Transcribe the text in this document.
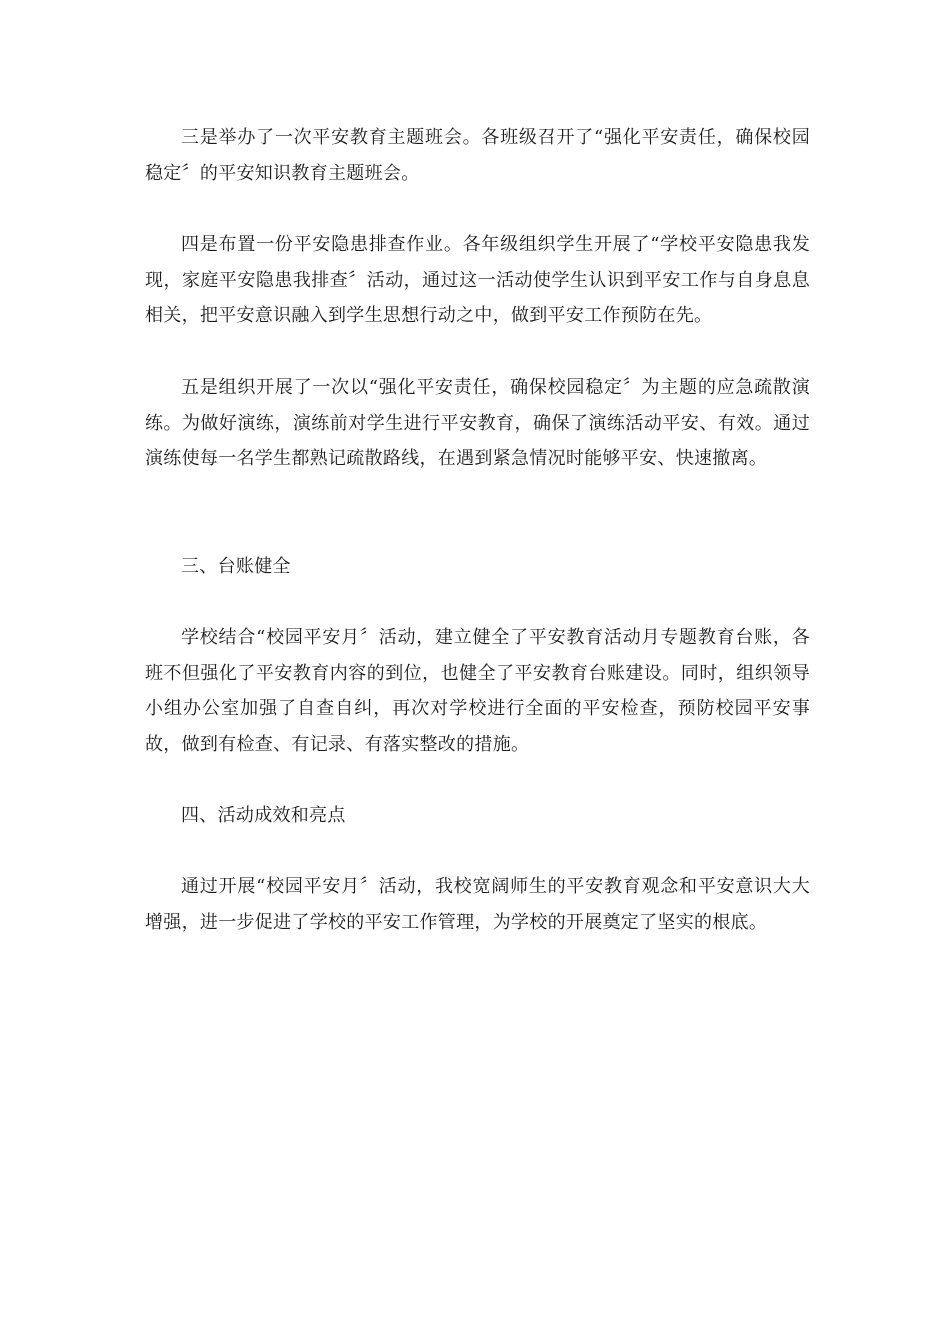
三是举办了一次平安教育主题班会。各班级召开了“强化平安责任，确保校园稳定〞的平安知识教育主题班会。

四是布置一份平安隐患排查作业。各年级组织学生开展了“学校平安隐患我发现，家庭平安隐患我排查〞活动，通过这一活动使学生认识到平安工作与自身息息相关，把平安意识融入到学生思想行动之中，做到平安工作预防在先。

五是组织开展了一次以“强化平安责任，确保校园稳定〞为主题的应急疏散演练。为做好演练，演练前对学生进行平安教育，确保了演练活动平安、有效。通过演练使每一名学生都熟记疏散路线，在遇到紧急情况时能够平安、快速撤离。

三、台账健全

学校结合“校园平安月〞活动，建立健全了平安教育活动月专题教育台账，各班不但强化了平安教育内容的到位，也健全了平安教育台账建设。同时，组织领导小组办公室加强了自查自纠，再次对学校进行全面的平安检查，预防校园平安事故，做到有检查、有记录、有落实整改的措施。

四、活动成效和亮点

通过开展“校园平安月〞活动，我校宽阔师生的平安教育观念和平安意识大大增强，进一步促进了学校的平安工作管理，为学校的开展奠定了坚实的根底。
